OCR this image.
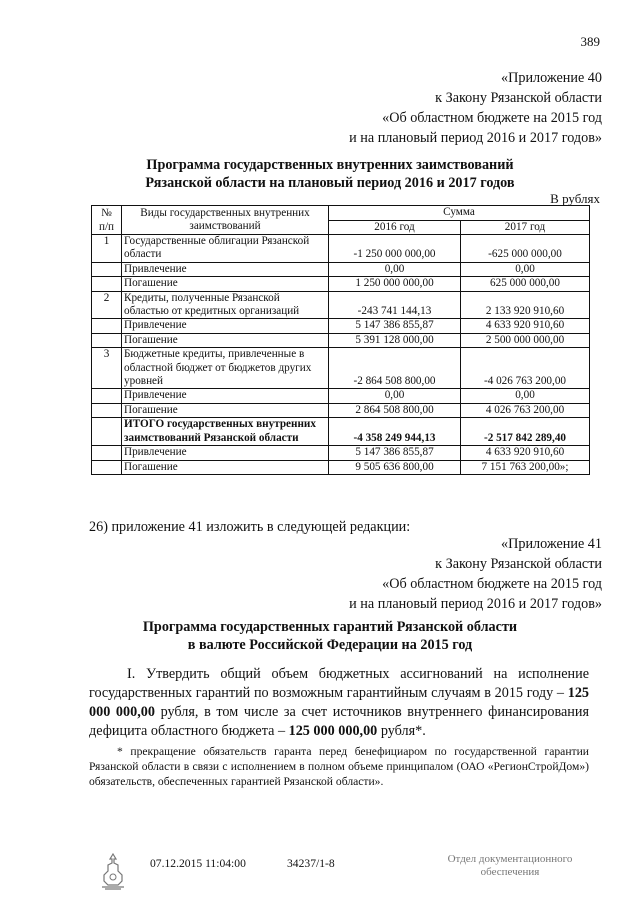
389
«Приложение 40
к Закону Рязанской области
«Об областном бюджете на 2015 год
и на плановый период 2016 и 2017 годов»
Программа государственных внутренних заимствований
Рязанской области на плановый период 2016 и 2017 годов
В рублях
№
п/п	Виды государственных внутренних заимствований	Сумма	
		2016 год	2017 год
1	Государственные облигации Рязанской области	-1 250 000 000,00	-625 000 000,00
	Привлечение	0,00	0,00
	Погашение	1 250 000 000,00	625 000 000,00
2	Кредиты, полученные Рязанской областью от кредитных организаций	-243 741 144,13	2 133 920 910,60
	Привлечение	5 147 386 855,87	4 633 920 910,60
	Погашение	5 391 128 000,00	2 500 000 000,00
3	Бюджетные кредиты, привлеченные в областной бюджет от бюджетов других уровней	-2 864 508 800,00	-4 026 763 200,00
	Привлечение	0,00	0,00
	Погашение	2 864 508 800,00	4 026 763 200,00
	ИТОГО государственных внутренних заимствований Рязанской области	-4 358 249 944,13	-2 517 842 289,40
	Привлечение	5 147 386 855,87	4 633 920 910,60
	Погашение	9 505 636 800,00	7 151 763 200,00»;
26) приложение 41 изложить в следующей редакции:
«Приложение 41
к Закону Рязанской области
«Об областном бюджете на 2015 год
и на плановый период 2016 и 2017 годов»
Программа государственных гарантий Рязанской области
в валюте Российской Федерации на 2015 год
I. Утвердить общий объем бюджетных ассигнований на исполнение государственных гарантий по возможным гарантийным случаям в 2015 году – 125 000 000,00 рубля, в том числе за счет источников внутреннего финансирования дефицита областного бюджета – 125 000 000,00 рубля*.
* прекращение обязательств гаранта перед бенефициаром по государственной гарантии Рязанской области в связи с исполнением в полном объеме принципалом (ОАО «РегионСтройДом») обязательств, обеспеченных гарантией Рязанской области».
07.12.2015 11:04:00	34237/1-8	Отдел документационного
обеспечения
